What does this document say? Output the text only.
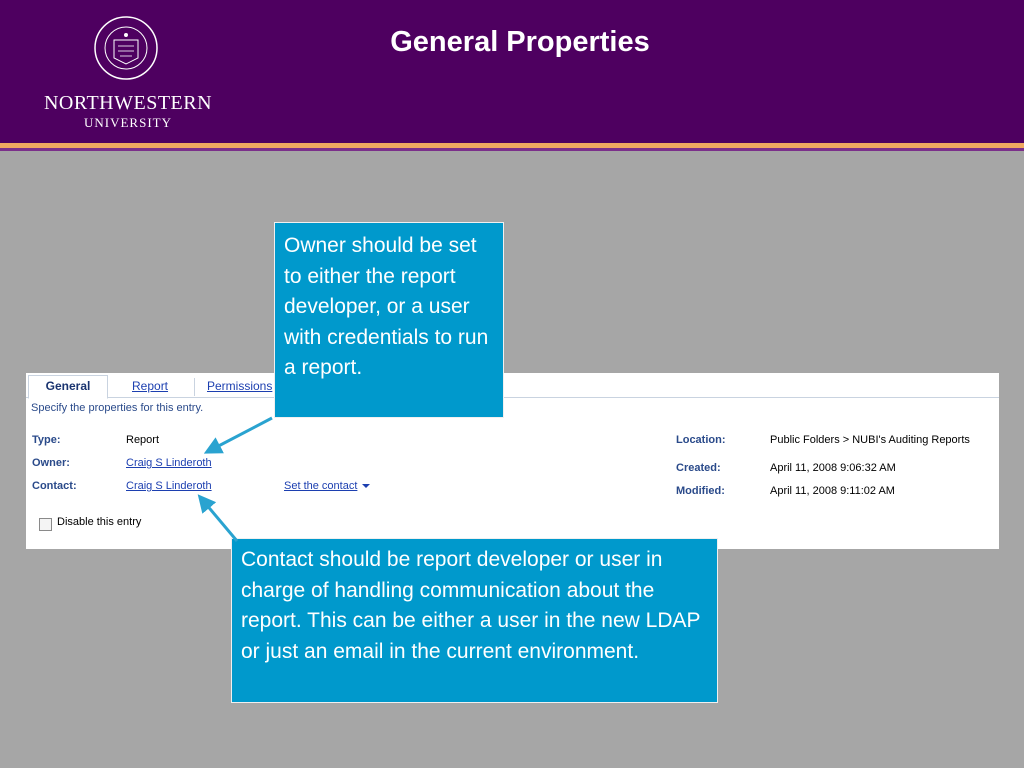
NORTHWESTERN
UNIVERSITY
General Properties
General	Report	Permissions
Specify the properties for this entry.
Type:	Report
Owner:	Craig S Linderoth
Contact:	Craig S Linderoth	Set the contact
Location:	Public Folders > NUBI's Auditing Reports
Created:	April 11, 2008 9:06:32 AM
Modified:	April 11, 2008 9:11:02 AM
Disable this entry
Owner should be set to either the report developer, or a user with credentials to run a report.
Contact should be report developer or user in charge of handling communication about the report. This can be either a user in the new LDAP or just an email in the current environment.
